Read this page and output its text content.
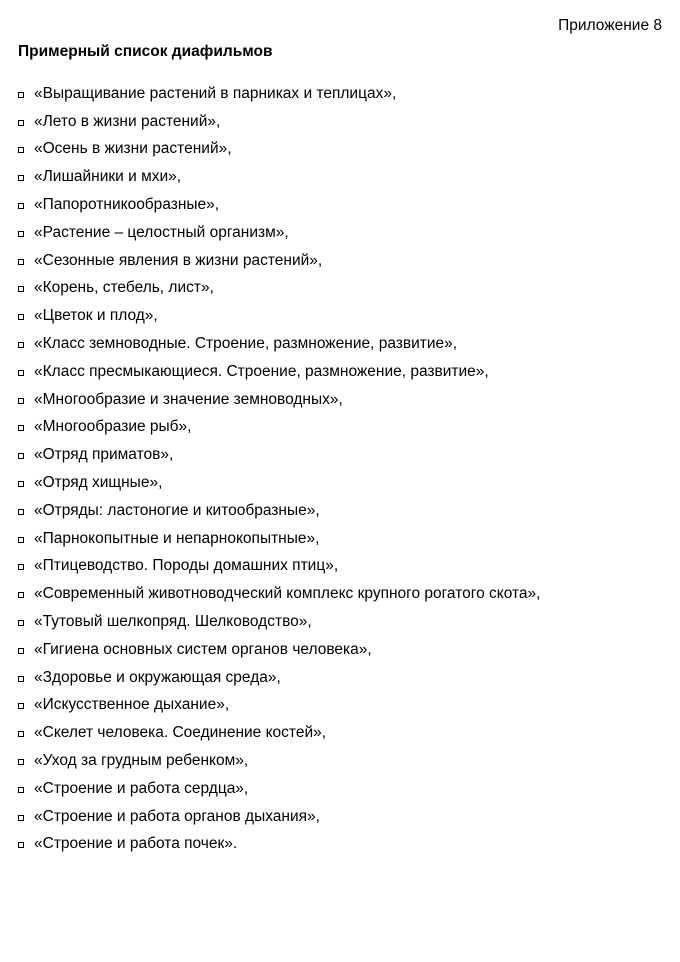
Приложение 8
Примерный список диафильмов
«Выращивание растений в парниках и теплицах»,
«Лето в жизни растений»,
«Осень в жизни растений»,
«Лишайники и мхи»,
«Папоротникообразные»,
«Растение – целостный организм»,
«Сезонные явления в жизни растений»,
«Корень, стебель, лист»,
«Цветок и плод»,
«Класс земноводные. Строение, размножение, развитие»,
«Класс пресмыкающиеся. Строение, размножение, развитие»,
«Многообразие и значение земноводных»,
«Многообразие рыб»,
«Отряд приматов»,
«Отряд хищные»,
«Отряды: ластоногие и китообразные»,
«Парнокопытные и непарнокопытные»,
«Птицеводство. Породы домашних птиц»,
«Современный животноводческий комплекс крупного рогатого скота»,
«Тутовый шелкопряд. Шелководство»,
«Гигиена основных систем органов человека»,
«Здоровье и окружающая среда»,
«Искусственное дыхание»,
«Скелет человека. Соединение костей»,
«Уход за грудным ребенком»,
«Строение и работа сердца»,
«Строение и работа органов дыхания»,
«Строение и работа почек».
